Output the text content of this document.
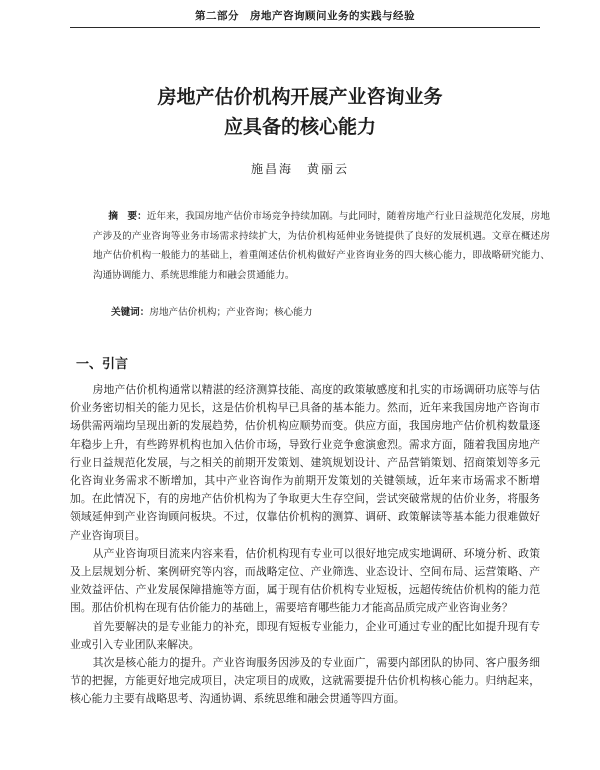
第二部分　房地产咨询顾问业务的实践与经验
房地产估价机构开展产业咨询业务
应具备的核心能力
施昌海　黄丽云
摘　要：近年来，我国房地产估价市场竞争持续加剧。与此同时，随着房地产行业日益规范化发展，房地产涉及的产业咨询等业务市场需求持续扩大，为估价机构延伸业务链提供了良好的发展机遇。文章在概述房地产估价机构一般能力的基础上，着重阐述估价机构做好产业咨询业务的四大核心能力，即战略研究能力、沟通协调能力、系统思维能力和融会贯通能力。
关键词：房地产估价机构；产业咨询；核心能力
一、引言

房地产估价机构通常以精湛的经济测算技能、高度的政策敏感度和扎实的市场调研功底等与估价业务密切相关的能力见长，这是估价机构早已具备的基本能力。然而，近年来我国房地产咨询市场供需两端均呈现出新的发展趋势，估价机构应顺势而变。供应方面，我国房地产估价机构数量逐年稳步上升，有些跨界机构也加入估价市场，导致行业竞争愈演愈烈。需求方面，随着我国房地产行业日益规范化发展，与之相关的前期开发策划、建筑规划设计、产品营销策划、招商策划等多元化咨询业务需求不断增加，其中产业咨询作为前期开发策划的关键领域，近年来市场需求不断增加。在此情况下，有的房地产估价机构为了争取更大生存空间，尝试突破常规的估价业务，将服务领域延伸到产业咨询顾问板块。不过，仅靠估价机构的测算、调研、政策解读等基本能力很难做好产业咨询项目。

从产业咨询项目流来内容来看，估价机构现有专业可以很好地完成实地调研、环境分析、政策及上层规划分析、案例研究等内容，而战略定位、产业筛选、业态设计、空间布局、运营策略、产业效益评估、产业发展保障措施等方面，属于现有估价机构专业短板，远超传统估价机构的能力范围。那估价机构在现有估价能力的基础上，需要培育哪些能力才能高品质完成产业咨询业务？

首先要解决的是专业能力的补充，即现有短板专业能力，企业可通过专业的配比如提升现有专业或引入专业团队来解决。

其次是核心能力的提升。产业咨询服务因涉及的专业面广，需要内部团队的协同、客户服务细节的把握，方能更好地完成项目，决定项目的成败，这就需要提升估价机构核心能力。归纳起来，核心能力主要有战略思考、沟通协调、系统思维和融会贯通等四方面。
